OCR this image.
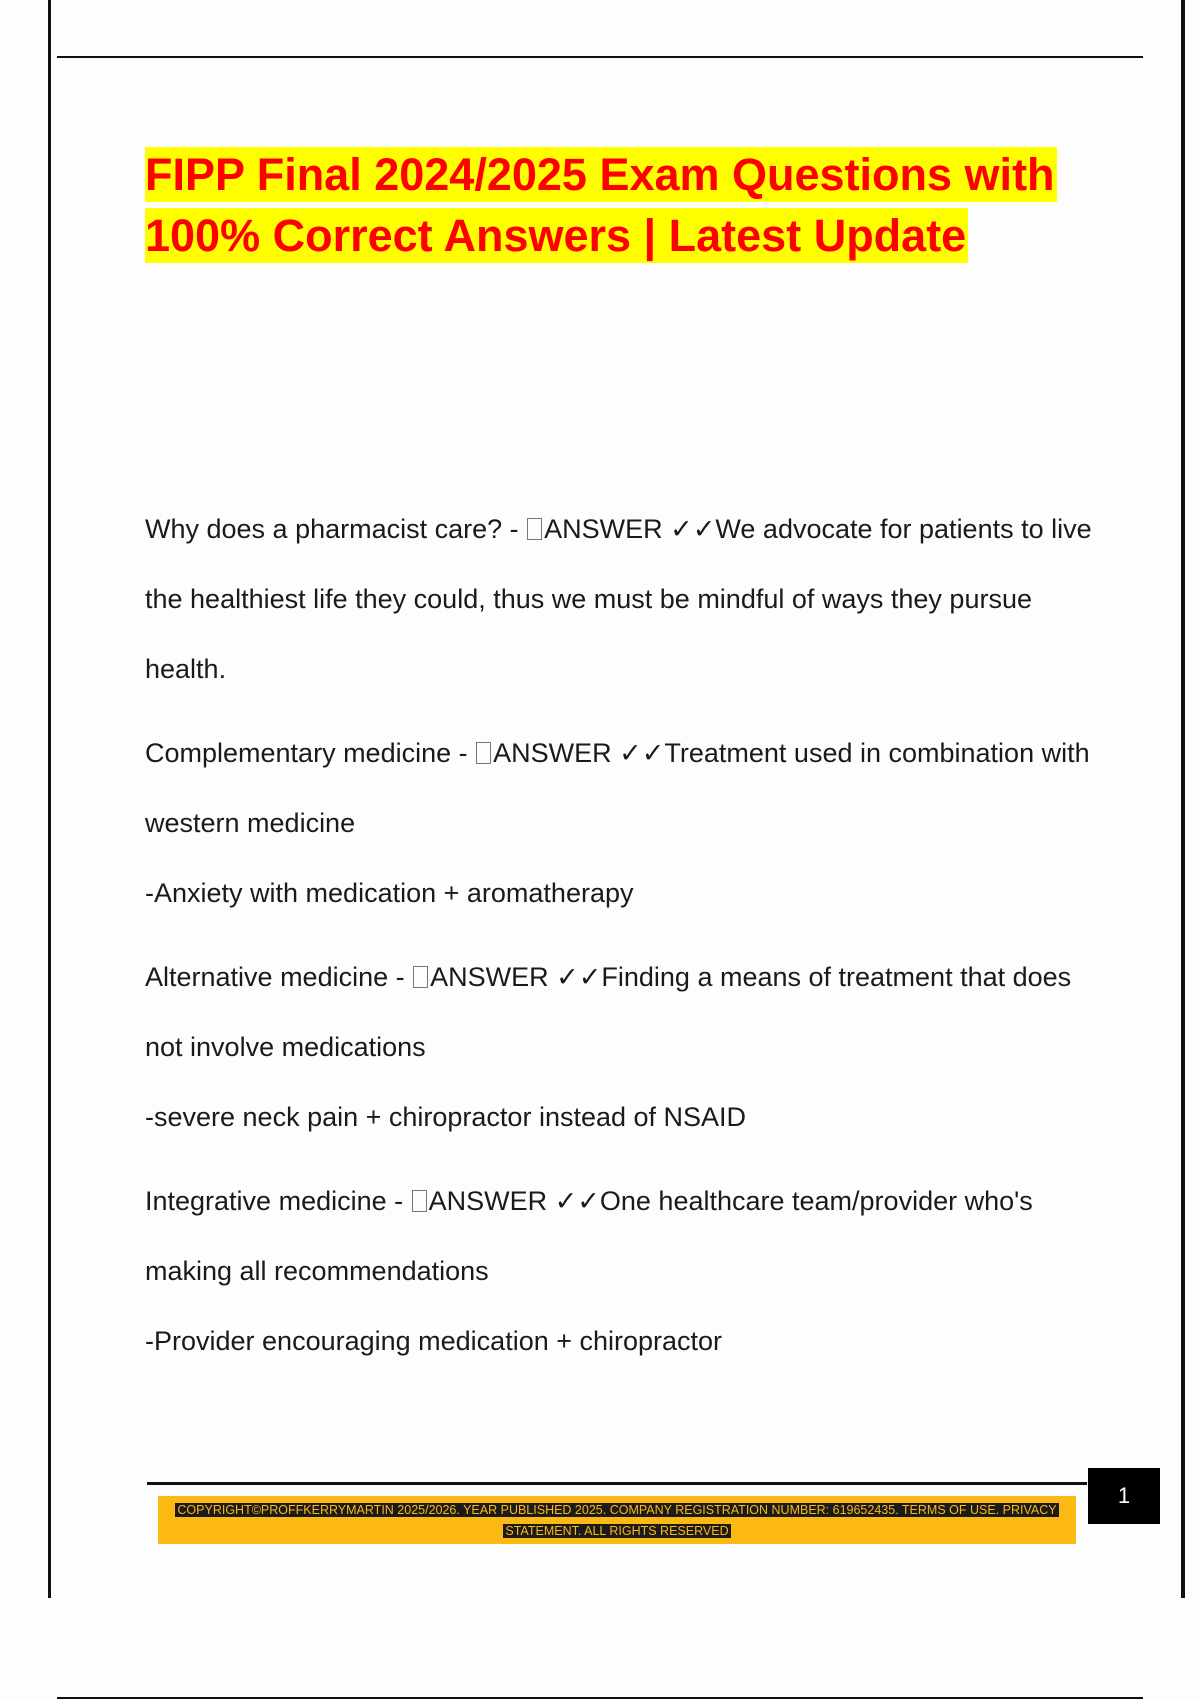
FIPP Final 2024/2025 Exam Questions with 100% Correct Answers | Latest Update

Why does a pharmacist care? - ANSWER ✓✓We advocate for patients to live the healthiest life they could, thus we must be mindful of ways they pursue health.

Complementary medicine - ANSWER ✓✓Treatment used in combination with western medicine

-Anxiety with medication + aromatherapy

Alternative medicine - ANSWER ✓✓Finding a means of treatment that does not involve medications

-severe neck pain + chiropractor instead of NSAID

Integrative medicine - ANSWER ✓✓One healthcare team/provider who's making all recommendations

-Provider encouraging medication + chiropractor

1
COPYRIGHT©PROFFKERRYMARTIN 2025/2026. YEAR PUBLISHED 2025. COMPANY REGISTRATION NUMBER: 619652435. TERMS OF USE. PRIVACY STATEMENT. ALL RIGHTS RESERVED
